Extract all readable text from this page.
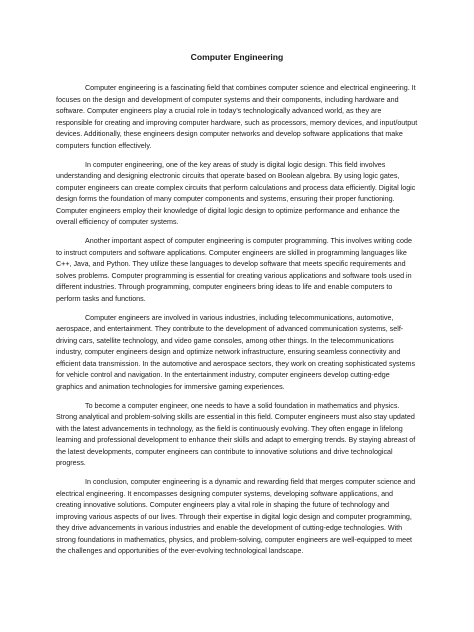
Computer Engineering

Computer engineering is a fascinating field that combines computer science and electrical engineering. It focuses on the design and development of computer systems and their components, including hardware and software. Computer engineers play a crucial role in today’s technologically advanced world, as they are responsible for creating and improving computer hardware, such as processors, memory devices, and input/output devices. Additionally, these engineers design computer networks and develop software applications that make computers function effectively.

In computer engineering, one of the key areas of study is digital logic design. This field involves understanding and designing electronic circuits that operate based on Boolean algebra. By using logic gates, computer engineers can create complex circuits that perform calculations and process data efficiently. Digital logic design forms the foundation of many computer components and systems, ensuring their proper functioning. Computer engineers employ their knowledge of digital logic design to optimize performance and enhance the overall efficiency of computer systems.

Another important aspect of computer engineering is computer programming. This involves writing code to instruct computers and software applications. Computer engineers are skilled in programming languages like C++, Java, and Python. They utilize these languages to develop software that meets specific requirements and solves problems. Computer programming is essential for creating various applications and software tools used in different industries. Through programming, computer engineers bring ideas to life and enable computers to perform tasks and functions.

Computer engineers are involved in various industries, including telecommunications, automotive, aerospace, and entertainment. They contribute to the development of advanced communication systems, self-driving cars, satellite technology, and video game consoles, among other things. In the telecommunications industry, computer engineers design and optimize network infrastructure, ensuring seamless connectivity and efficient data transmission. In the automotive and aerospace sectors, they work on creating sophisticated systems for vehicle control and navigation. In the entertainment industry, computer engineers develop cutting-edge graphics and animation technologies for immersive gaming experiences.

To become a computer engineer, one needs to have a solid foundation in mathematics and physics. Strong analytical and problem-solving skills are essential in this field. Computer engineers must also stay updated with the latest advancements in technology, as the field is continuously evolving. They often engage in lifelong learning and professional development to enhance their skills and adapt to emerging trends. By staying abreast of the latest developments, computer engineers can contribute to innovative solutions and drive technological progress.

In conclusion, computer engineering is a dynamic and rewarding field that merges computer science and electrical engineering. It encompasses designing computer systems, developing software applications, and creating innovative solutions. Computer engineers play a vital role in shaping the future of technology and improving various aspects of our lives. Through their expertise in digital logic design and computer programming, they drive advancements in various industries and enable the development of cutting-edge technologies. With strong foundations in mathematics, physics, and problem-solving, computer engineers are well-equipped to meet the challenges and opportunities of the ever-evolving technological landscape.
